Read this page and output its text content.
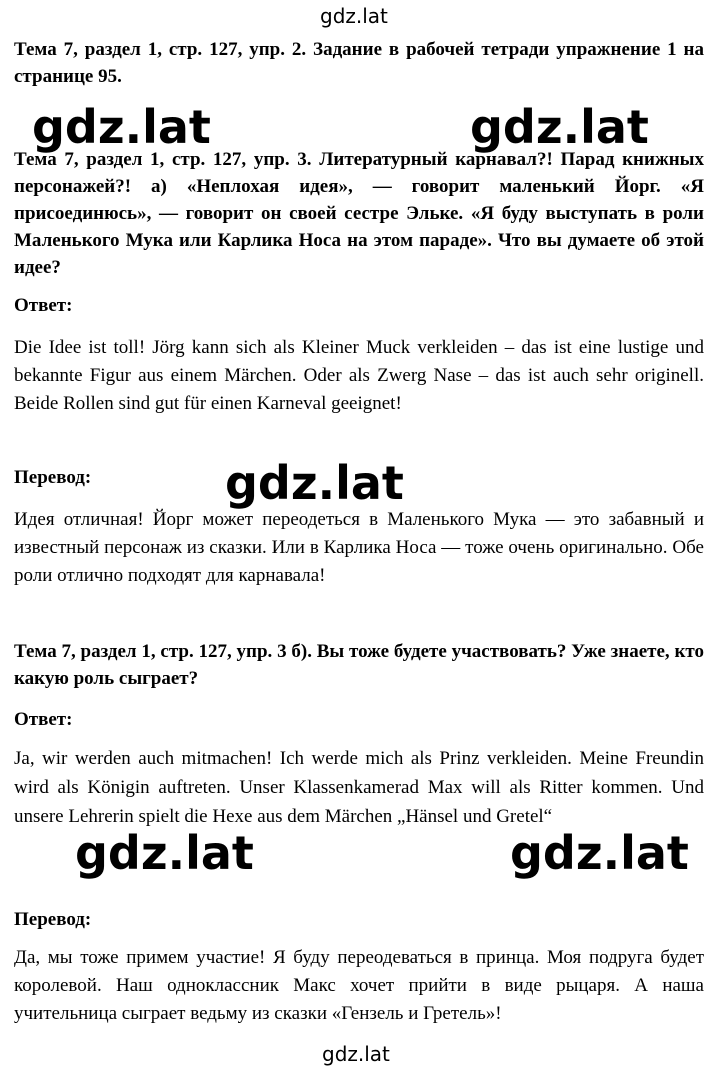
gdz.lat
gdz.lat	gdz.lat
gdz.lat
gdz.lat	gdz.lat
gdz.lat

Тема 7, раздел 1, стр. 127, упр. 2. Задание в рабочей тетради упражнение 1 на странице 95.

Тема 7, раздел 1, стр. 127, упр. 3. Литературный карнавал?! Парад книжных персонажей?! а) «Неплохая идея», — говорит маленький Йорг. «Я присоединюсь», — говорит он своей сестре Эльке. «Я буду выступать в роли Маленького Мука или Карлика Носа на этом параде». Что вы думаете об этой идее?

Ответ:

Die Idee ist toll! Jörg kann sich als Kleiner Muck verkleiden – das ist eine lustige und bekannte Figur aus einem Märchen. Oder als Zwerg Nase – das ist auch sehr originell. Beide Rollen sind gut für einen Karneval geeignet!

Перевод:

Идея отличная! Йорг может переодеться в Маленького Мука — это забавный и известный персонаж из сказки. Или в Карлика Носа — тоже очень оригинально. Обе роли отлично подходят для карнавала!

Тема 7, раздел 1, стр. 127, упр. 3 б). Вы тоже будете участвовать? Уже знаете, кто какую роль сыграет?

Ответ:

Ja, wir werden auch mitmachen! Ich werde mich als Prinz verkleiden. Meine Freundin wird als Königin auftreten. Unser Klassenkamerad Max will als Ritter kommen. Und unsere Lehrerin spielt die Hexe aus dem Märchen „Hänsel und Gretel“

Перевод:

Да, мы тоже примем участие! Я буду переодеваться в принца. Моя подруга будет королевой. Наш одноклассник Макс хочет прийти в виде рыцаря. А наша учительница сыграет ведьму из сказки «Гензель и Гретель»!
